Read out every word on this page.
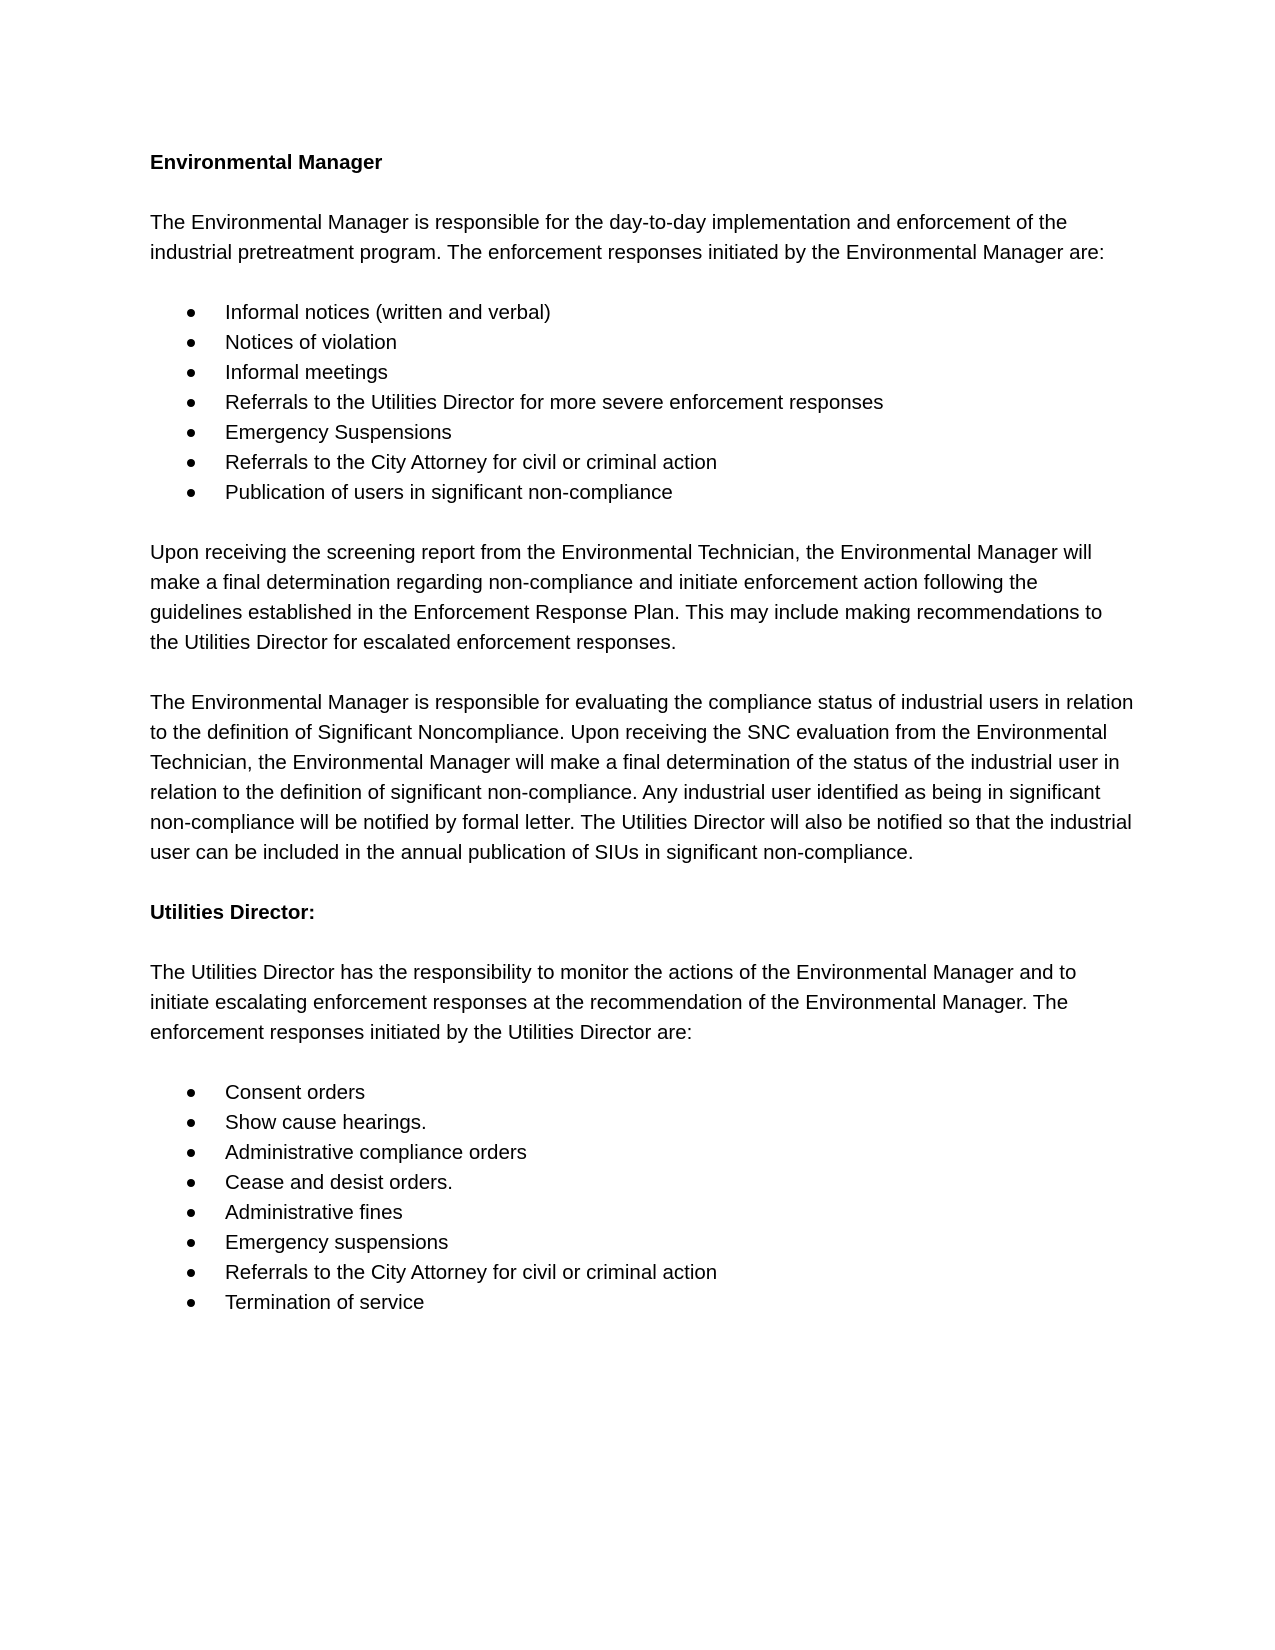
Environmental Manager

The Environmental Manager is responsible for the day-to-day implementation and enforcement of the industrial pretreatment program. The enforcement responses initiated by the Environmental Manager are:

Informal notices (written and verbal)
Notices of violation
Informal meetings
Referrals to the Utilities Director for more severe enforcement responses
Emergency Suspensions
Referrals to the City Attorney for civil or criminal action
Publication of users in significant non-compliance

Upon receiving the screening report from the Environmental Technician, the Environmental Manager will make a final determination regarding non-compliance and initiate enforcement action following the guidelines established in the Enforcement Response Plan. This may include making recommendations to the Utilities Director for escalated enforcement responses.

The Environmental Manager is responsible for evaluating the compliance status of industrial users in relation to the definition of Significant Noncompliance. Upon receiving the SNC evaluation from the Environmental Technician, the Environmental Manager will make a final determination of the status of the industrial user in relation to the definition of significant non-compliance. Any industrial user identified as being in significant non-compliance will be notified by formal letter. The Utilities Director will also be notified so that the industrial user can be included in the annual publication of SIUs in significant non-compliance.

Utilities Director:

The Utilities Director has the responsibility to monitor the actions of the Environmental Manager and to initiate escalating enforcement responses at the recommendation of the Environmental Manager. The enforcement responses initiated by the Utilities Director are:

Consent orders
Show cause hearings.
Administrative compliance orders
Cease and desist orders.
Administrative fines
Emergency suspensions
Referrals to the City Attorney for civil or criminal action
Termination of service
